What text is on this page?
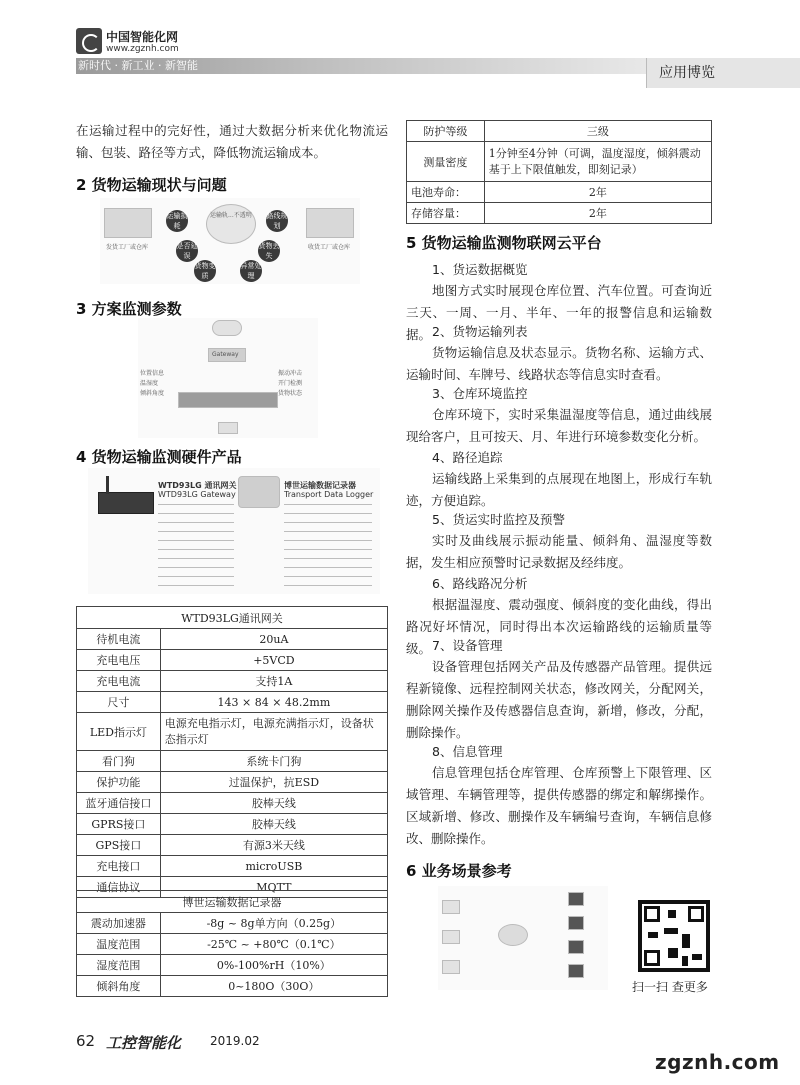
中国智能化网
www.zgznh.com
新时代 · 新工业 · 新智能	应用博览
在运输过程中的完好性，通过大数据分析来优化物流运输、包装、路径等方式，降低物流运输成本。
2 货物运输现状与问题
发货工厂或仓库
运输轨...不透明
收货工厂或仓库
运输损耗
路线规划
是否延误
货物丢失
货物变质
异常处理
3 方案监测参数
Gateway
位置信息
温湿度
倾斜角度
振动冲击
开门检测
货物状态
4 货物运输监测硬件产品
WTD93LG 通讯网关
WTD93LG Gateway
博世运输数据记录器
Transport Data Logger
WTD93LG通讯网关	
待机电流	20uA
充电电压	+5VCD
充电电流	支持1A
尺寸	143 × 84 × 48.2mm
LED指示灯	电源充电指示灯，电源充满指示灯，设备状态指示灯
看门狗	系统卡门狗
保护功能	过温保护，抗ESD
蓝牙通信接口	胶棒天线
GPRS接口	胶棒天线
GPS接口	有源3米天线
充电接口	microUSB
通信协议	MQTT
博世运输数据记录器	
震动加速器	-8g ~ 8g单方向（0.25g）
温度范围	-25℃ ~ +80℃（0.1℃）
湿度范围	0%-100%rH（10%）
倾斜角度	0~180O（30O）
防护等级	三级
测量密度	1分钟至4分钟（可调，温度湿度，倾斜震动基于上下限值触发，即刻记录）
电池寿命：	2年
存储容量：	2年
5 货物运输监测物联网云平台
1、货运数据概览
地图方式实时展现仓库位置、汽车位置。可查询近三天、一周、一月、半年、一年的报警信息和运输数据。 2、货物运输列表
货物运输信息及状态显示。货物名称、运输方式、运输时间、车牌号、线路状态等信息实时查看。
3、仓库环境监控
仓库环境下，实时采集温湿度等信息，通过曲线展现给客户，且可按天、月、年进行环境参数变化分析。
4、路径追踪
运输线路上采集到的点展现在地图上，形成行车轨迹，方便追踪。
5、货运实时监控及预警
实时及曲线展示振动能量、倾斜角、温湿度等数据，发生相应预警时记录数据及经纬度。
6、路线路况分析
根据温湿度、震动强度、倾斜度的变化曲线，得出路况好坏情况，同时得出本次运输路线的运输质量等级。 7、设备管理
设备管理包括网关产品及传感器产品管理。提供远程新镜像、远程控制网关状态，修改网关，分配网关，删除网关操作及传感器信息查询，新增，修改，分配，删除操作。
8、信息管理
信息管理包括仓库管理、仓库预警上下限管理、区域管理、车辆管理等，提供传感器的绑定和解绑操作。区域新增、修改、删操作及车辆编号查询，车辆信息修改、删除操作。
6 业务场景参考
扫一扫 查更多
62 工控智能化 2019.02
zgznh.com
